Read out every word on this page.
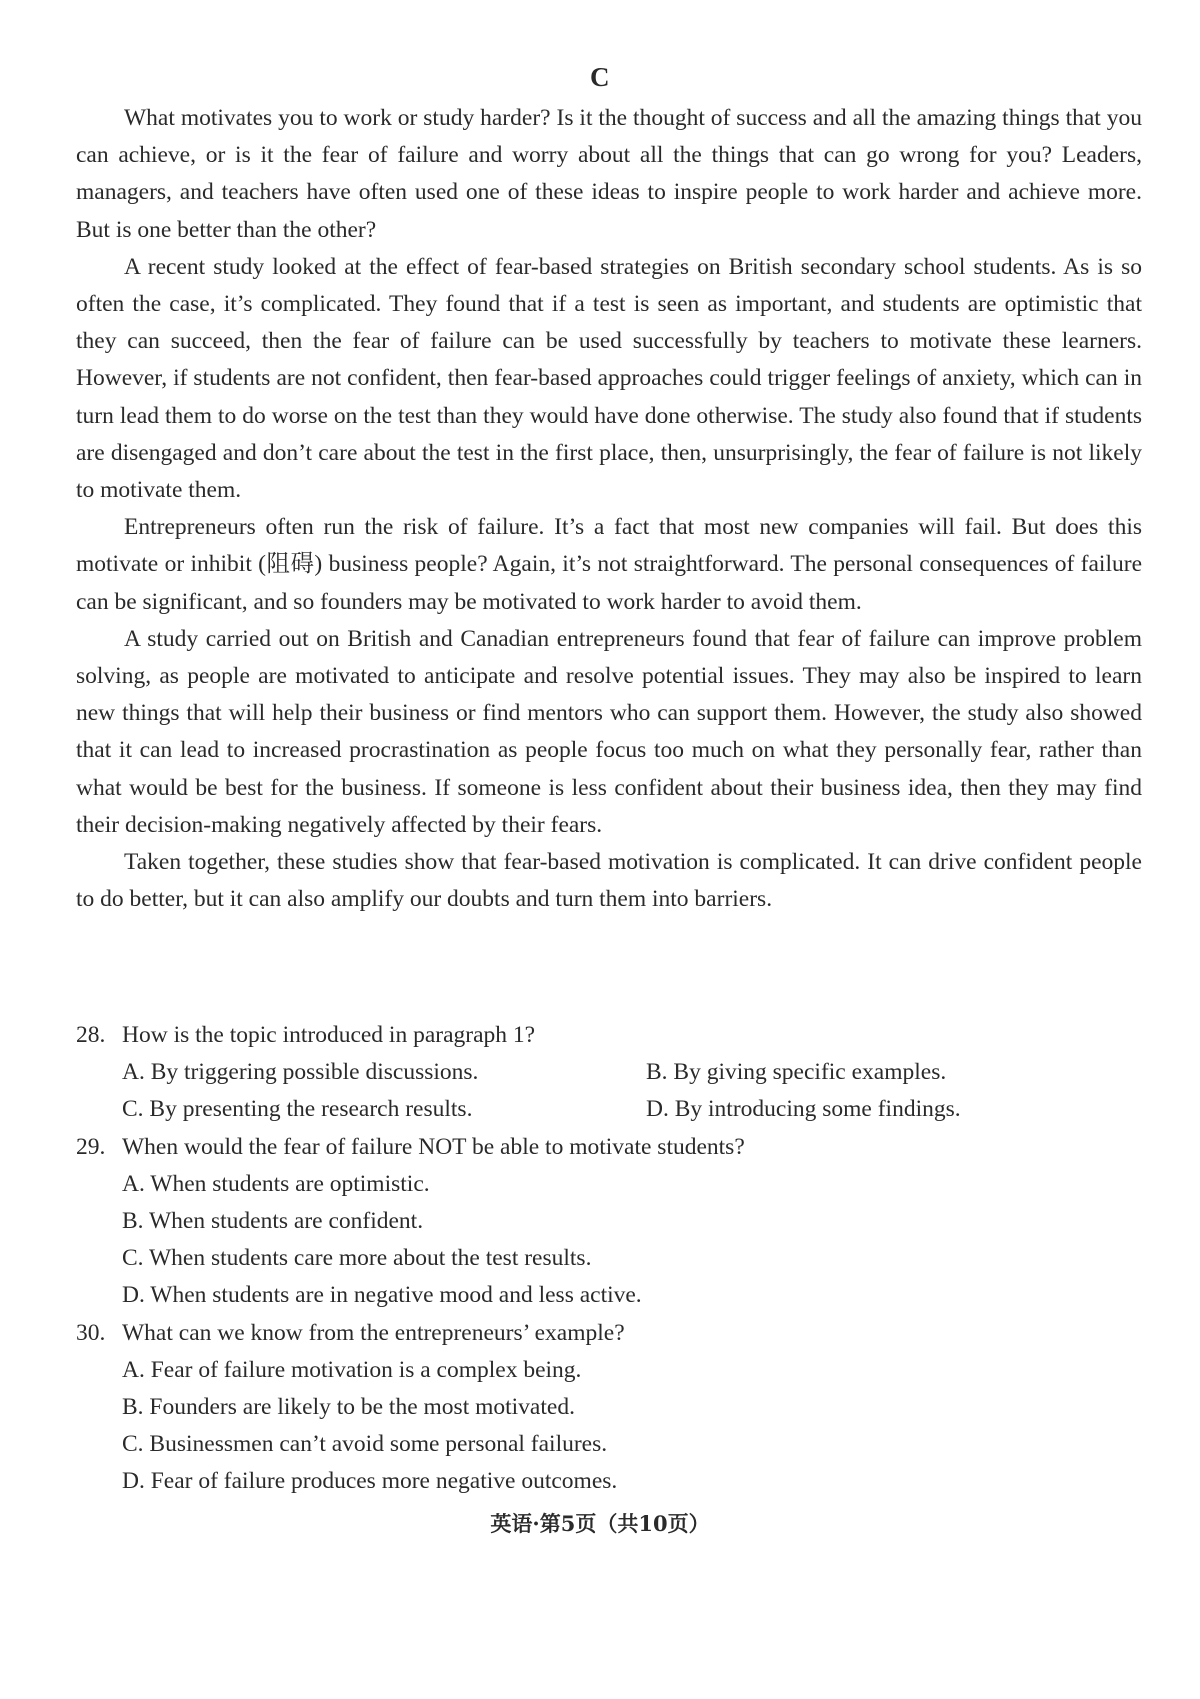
C

What motivates you to work or study harder? Is it the thought of success and all the amazing things that you can achieve, or is it the fear of failure and worry about all the things that can go wrong for you? Leaders, managers, and teachers have often used one of these ideas to inspire people to work harder and achieve more. But is one better than the other?

A recent study looked at the effect of fear-based strategies on British secondary school students. As is so often the case, it’s complicated. They found that if a test is seen as important, and students are optimistic that they can succeed, then the fear of failure can be used successfully by teachers to motivate these learners. However, if students are not confident, then fear-based approaches could trigger feelings of anxiety, which can in turn lead them to do worse on the test than they would have done otherwise. The study also found that if students are disengaged and don’t care about the test in the first place, then, unsurprisingly, the fear of failure is not likely to motivate them.

Entrepreneurs often run the risk of failure. It’s a fact that most new companies will fail. But does this motivate or inhibit (阻碍) business people? Again, it’s not straightforward. The personal consequences of failure can be significant, and so founders may be motivated to work harder to avoid them.

A study carried out on British and Canadian entrepreneurs found that fear of failure can improve problem solving, as people are motivated to anticipate and resolve potential issues. They may also be inspired to learn new things that will help their business or find mentors who can support them. However, the study also showed that it can lead to increased procrastination as people focus too much on what they personally fear, rather than what would be best for the business. If someone is less confident about their business idea, then they may find their decision-making negatively affected by their fears.

Taken together, these studies show that fear-based motivation is complicated. It can drive confident people to do better, but it can also amplify our doubts and turn them into barriers.

28. How is the topic introduced in paragraph 1?
A. By triggering possible discussions.	B. By giving specific examples.
C. By presenting the research results.	D. By introducing some findings.
29. When would the fear of failure NOT be able to motivate students?
A. When students are optimistic.
B. When students are confident.
C. When students care more about the test results.
D. When students are in negative mood and less active.
30. What can we know from the entrepreneurs’ example?
A. Fear of failure motivation is a complex being.
B. Founders are likely to be the most motivated.
C. Businessmen can’t avoid some personal failures.
D. Fear of failure produces more negative outcomes.
英语·第5页（共10页）
